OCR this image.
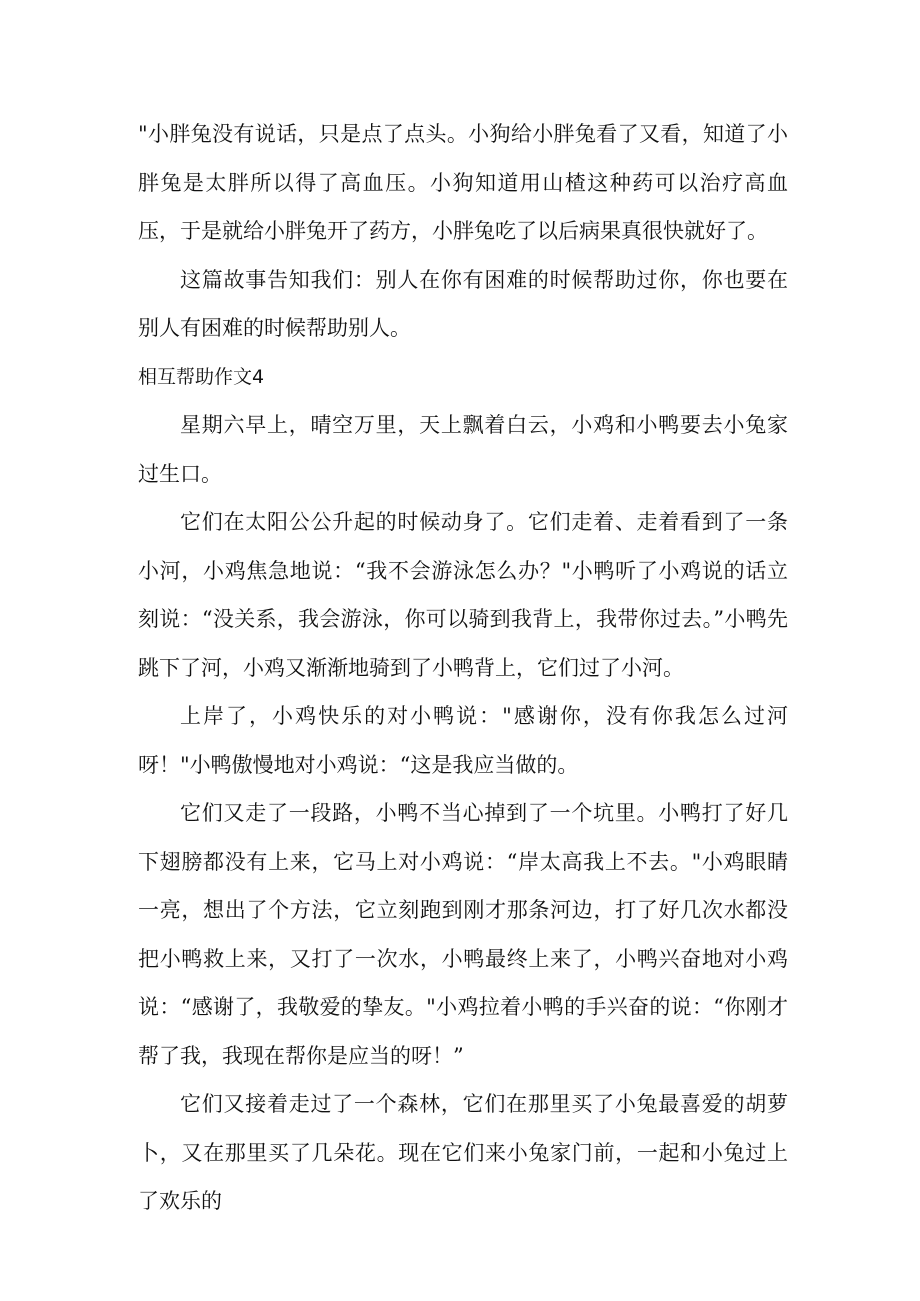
"小胖兔没有说话，只是点了点头。小狗给小胖兔看了又看，知道了小胖兔是太胖所以得了高血压。小狗知道用山楂这种药可以治疗高血压，于是就给小胖兔开了药方，小胖兔吃了以后病果真很快就好了。

这篇故事告知我们：别人在你有困难的时候帮助过你，你也要在别人有困难的时候帮助别人。

相互帮助作文4

星期六早上，晴空万里，天上飘着白云，小鸡和小鸭要去小兔家过生口。

它们在太阳公公升起的时候动身了。它们走着、走着看到了一条小河，小鸡焦急地说：“我不会游泳怎么办？"小鸭听了小鸡说的话立刻说：“没关系，我会游泳，你可以骑到我背上，我带你过去。”小鸭先跳下了河，小鸡又渐渐地骑到了小鸭背上，它们过了小河。

上岸了，小鸡快乐的对小鸭说："感谢你，没有你我怎么过河呀！"小鸭傲慢地对小鸡说：“这是我应当做的。

它们又走了一段路，小鸭不当心掉到了一个坑里。小鸭打了好几下翅膀都没有上来，它马上对小鸡说：“岸太高我上不去。"小鸡眼睛一亮，想出了个方法，它立刻跑到刚才那条河边，打了好几次水都没把小鸭救上来，又打了一次水，小鸭最终上来了，小鸭兴奋地对小鸡说：“感谢了，我敬爱的挚友。"小鸡拉着小鸭的手兴奋的说：“你刚才帮了我，我现在帮你是应当的呀！”

它们又接着走过了一个森林，它们在那里买了小兔最喜爱的胡萝卜，又在那里买了几朵花。现在它们来小兔家门前，一起和小兔过上了欢乐的
